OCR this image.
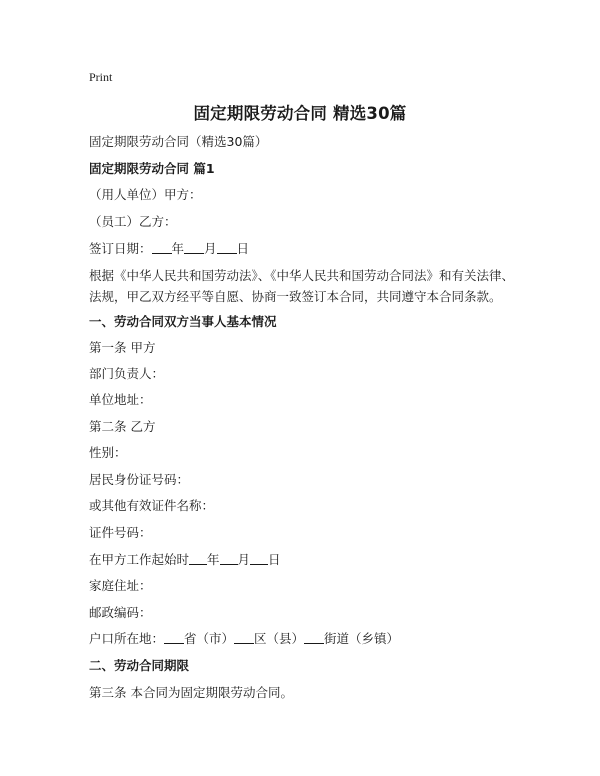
Print
固定期限劳动合同 精选30篇
固定期限劳动合同（精选30篇）
固定期限劳动合同 篇1
（用人单位）甲方：
（员工）乙方：
签订日期： 年 月 日
根据《中华人民共和国劳动法》、《中华人民共和国劳动合同法》和有关法律、法规，甲乙双方经平等自愿、协商一致签订本合同，共同遵守本合同条款。
一、劳动合同双方当事人基本情况
第一条 甲方
部门负责人：
单位地址：
第二条 乙方
性别：
居民身份证号码：
或其他有效证件名称：
证件号码：
在甲方工作起始时 年 月 日
家庭住址：
邮政编码：
户口所在地： 省（市） 区（县） 街道（乡镇）
二、劳动合同期限
第三条 本合同为固定期限劳动合同。
